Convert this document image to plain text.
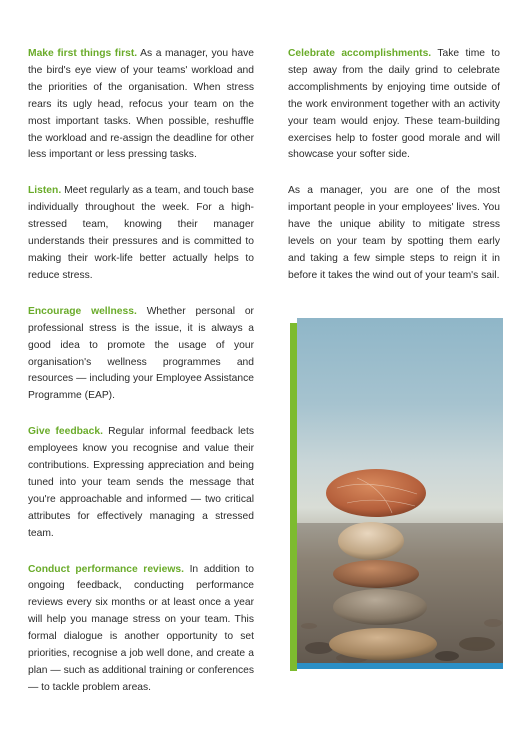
Make first things first. As a manager, you have the bird's eye view of your teams' workload and the priorities of the organisation. When stress rears its ugly head, refocus your team on the most important tasks. When possible, reshuffle the workload and re-assign the deadline for other less important or less pressing tasks.

Listen. Meet regularly as a team, and touch base individually throughout the week. For a high-stressed team, knowing their manager understands their pressures and is committed to making their work-life better actually helps to reduce stress.

Encourage wellness. Whether personal or professional stress is the issue, it is always a good idea to promote the usage of your organisation's wellness programmes and resources — including your Employee Assistance Programme (EAP).

Give feedback. Regular informal feedback lets employees know you recognise and value their contributions. Expressing appreciation and being tuned into your team sends the message that you're approachable and informed — two critical attributes for effectively managing a stressed team.

Conduct performance reviews. In addition to ongoing feedback, conducting performance reviews every six months or at least once a year will help you manage stress on your team. This formal dialogue is another opportunity to set priorities, recognise a job well done, and create a plan — such as additional training or conferences — to tackle problem areas.

Celebrate accomplishments. Take time to step away from the daily grind to celebrate accomplishments by enjoying time outside of the work environment together with an activity your team would enjoy. These team-building exercises help to foster good morale and will showcase your softer side.

As a manager, you are one of the most important people in your employees' lives. You have the unique ability to mitigate stress levels on your team by spotting them early and taking a few simple steps to reign it in before it takes the wind out of your team's sail.
